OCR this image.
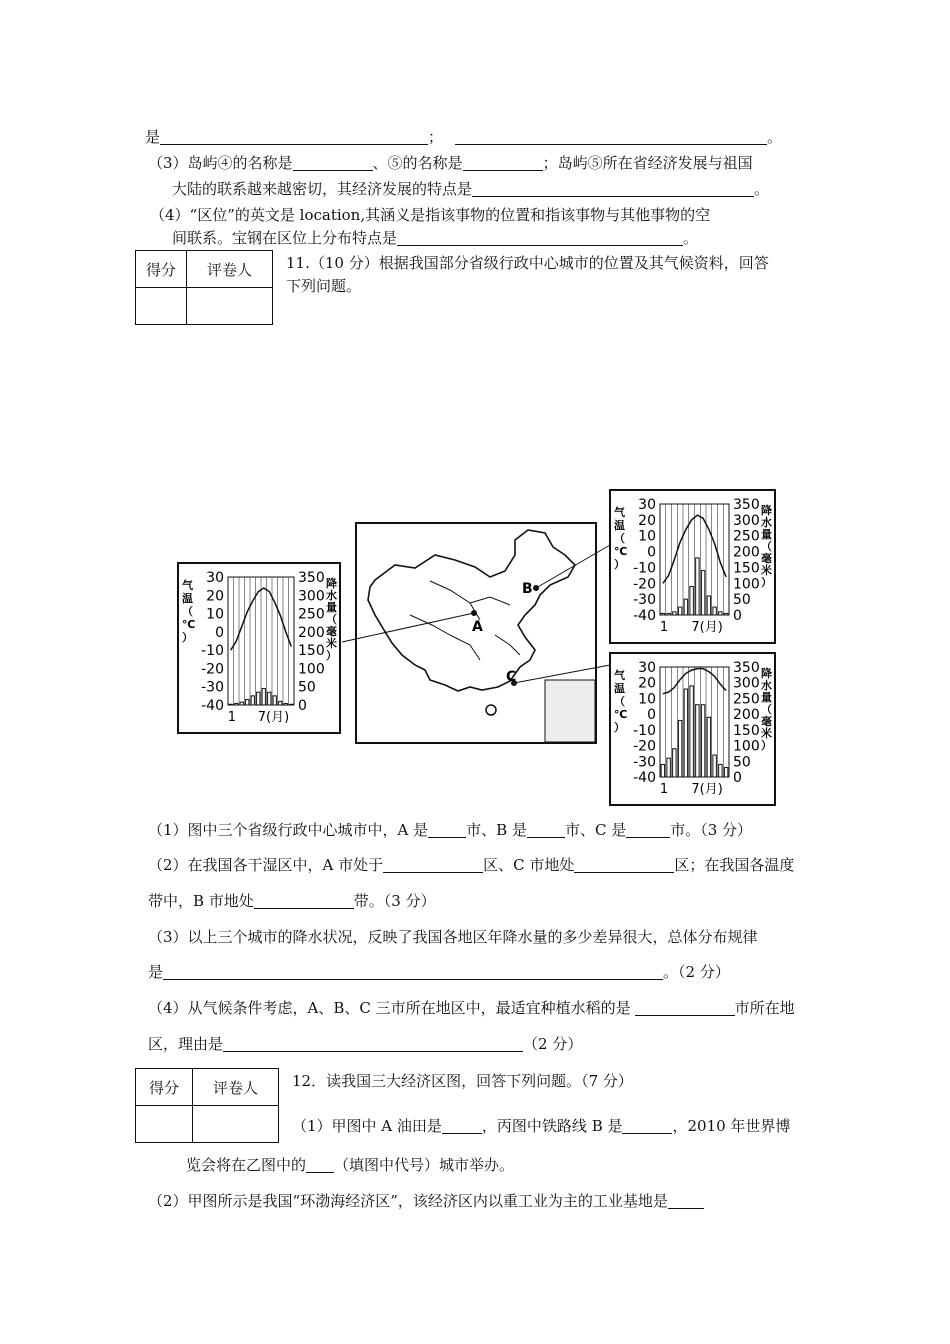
是	；	。
（3）岛屿④的名称是	、⑤的名称是	；岛屿⑤所在省经济发展与祖国
大陆的联系越来越密切，其经济发展的特点是	。
（4）“区位”的英文是 location,其涵义是指该事物的位置和指该事物与其他事物的空
间联系。宝钢在区位上分布特点是	。
得分	评卷人
	11.（10 分）根据我国部分省级行政中心城市的位置及其气候资料，回答
下列问题。
A
B
C
30
20
10
0
-10
-20
-30
-40
350
300
250
200
150
100
50
0
气
温
（
℃
）
降
水
量
（
毫
米
）
1 7(月)
30
20
10
0
-10
-20
-30
-40
350
300
250
200
150
100
50
0
气
温
（
℃
）
降
水
量
（
毫
米
）
1 7(月)
30
20
10
0
-10
-20
-30
-40
350
300
250
200
150
100
50
0
气
温
（
℃
）
降
水
量
（
毫
米
）
1 7(月)
（1）图中三个省级行政中心城市中，A 是	市、B 是	市、C 是	市。（3 分）
（2）在我国各干湿区中，A 市处于	区、C 市地处	区；在我国各温度
带中，B 市地处	带。（3 分）
（3）以上三个城市的降水状况，反映了我国各地区年降水量的多少差异很大，总体分布规律
是	。（2 分）
（4）从气候条件考虑，A、B、C 三市所在地区中，最适宜种植水稻的是	市所在地
区，理由是	（2 分）
得分	评卷人
	12．读我国三大经济区图，回答下列问题。（7 分）
（1）甲图中 A 油田是	，丙图中铁路线 B 是	，2010 年世界博
览会将在乙图中的 （填图中代号）城市举办。
（2）甲图所示是我国“环渤海经济区”，该经济区内以重工业为主的工业基地是
